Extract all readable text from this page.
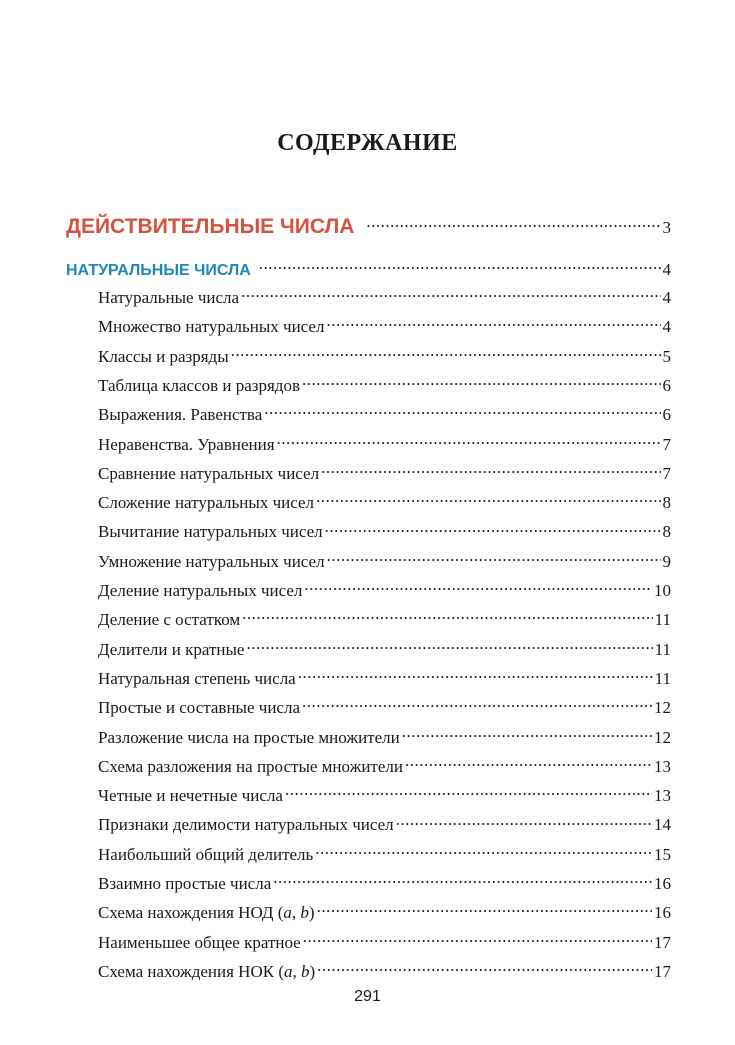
СОДЕРЖАНИЕ
ДЕЙСТВИТЕЛЬНЫЕ ЧИСЛА .....	3
НАТУРАЛЬНЫЕ ЧИСЛА .....	4
Натуральные числа .....	4
Множество натуральных чисел .....	4
Классы и разряды .....	5
Таблица классов и разрядов .....	6
Выражения. Равенства .....	6
Неравенства. Уравнения .....	7
Сравнение натуральных чисел .....	7
Сложение натуральных чисел .....	8
Вычитание натуральных чисел .....	8
Умножение натуральных чисел .....	9
Деление натуральных чисел .....	10
Деление с остатком .....	11
Делители и кратные .....	11
Натуральная степень числа .....	11
Простые и составные числа .....	12
Разложение числа на простые множители .....	12
Схема разложения на простые множители .....	13
Четные и нечетные числа .....	13
Признаки делимости натуральных чисел .....	14
Наибольший общий делитель .....	15
Взаимно простые числа .....	16
Схема нахождения НОД (a, b) .....	16
Наименьшее общее кратное .....	17
Схема нахождения НОК (a, b) .....	17
291
